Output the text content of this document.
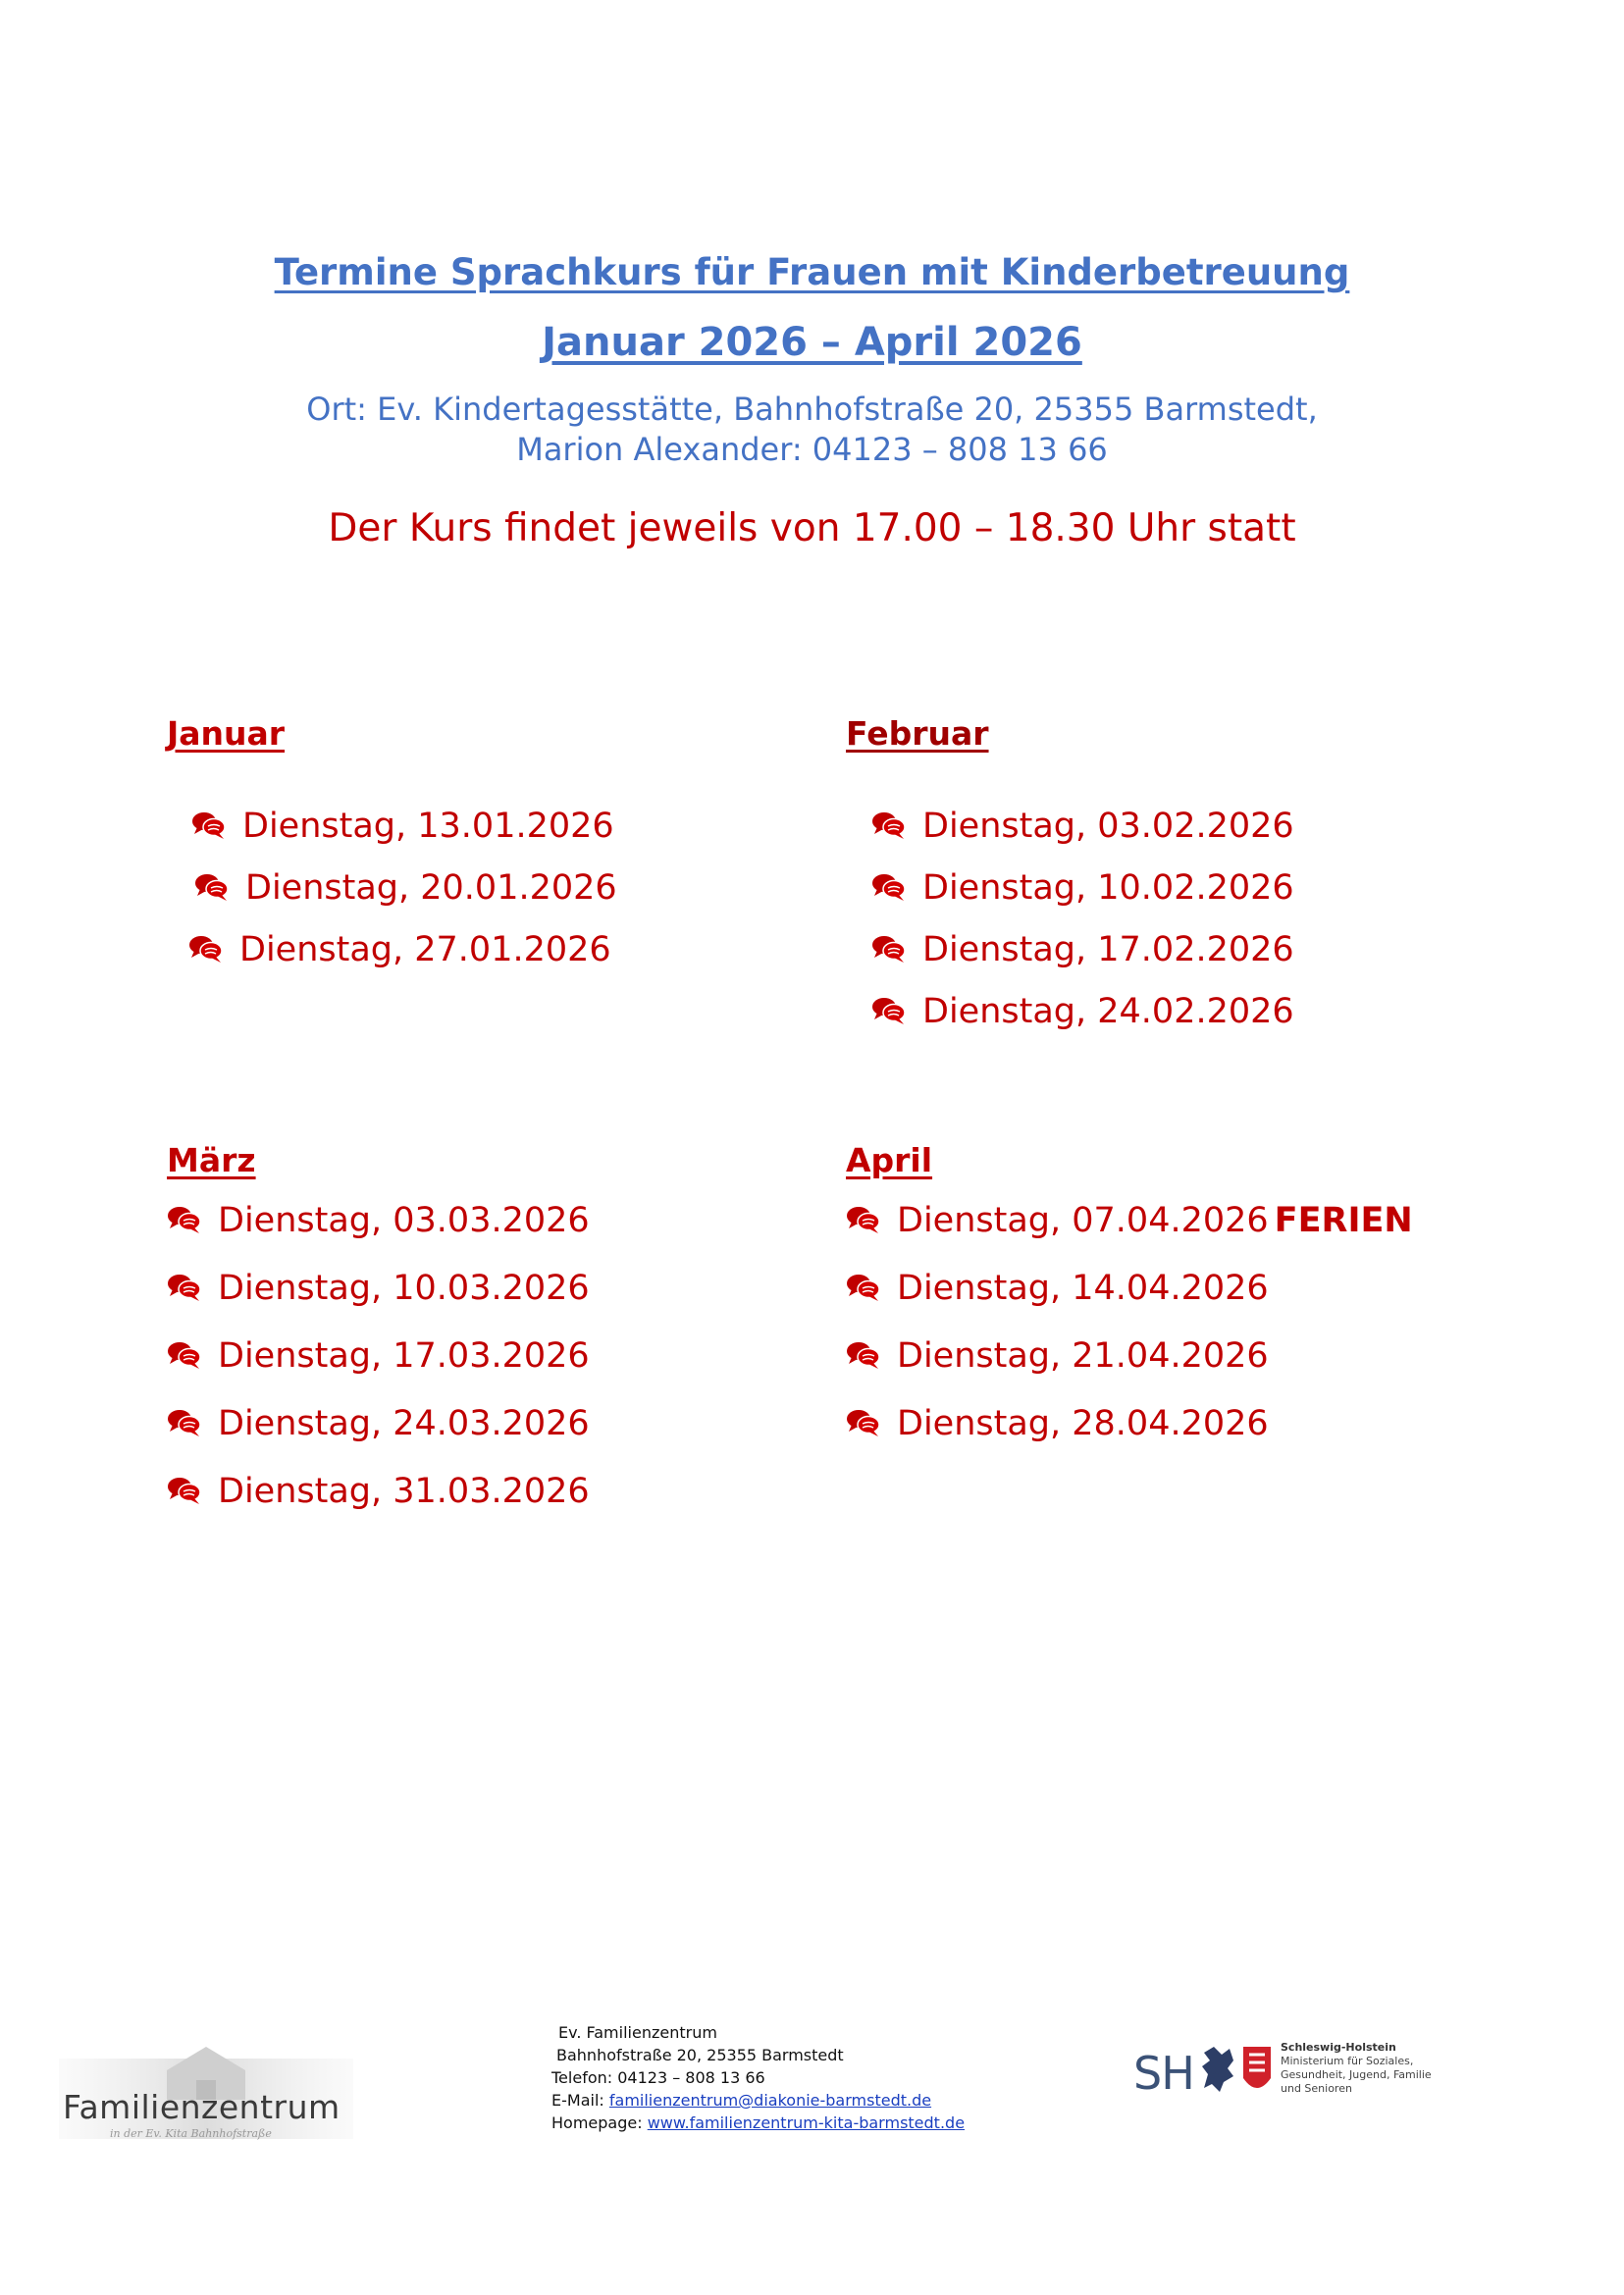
Termine Sprachkurs für Frauen mit Kinderbetreuung
Januar 2026 – April 2026
Ort: Ev. Kindertagesstätte, Bahnhofstraße 20, 25355 Barmstedt,
Marion Alexander: 04123 – 808 13 66
Der Kurs findet jeweils von 17.00 – 18.30 Uhr statt
Januar
Dienstag, 13.01.2026
Dienstag, 20.01.2026
Dienstag, 27.01.2026
Februar
Dienstag, 03.02.2026
Dienstag, 10.02.2026
Dienstag, 17.02.2026
Dienstag, 24.02.2026
März
Dienstag, 03.03.2026
Dienstag, 10.03.2026
Dienstag, 17.03.2026
Dienstag, 24.03.2026
Dienstag, 31.03.2026
April
Dienstag, 07.04.2026 FERIEN
Dienstag, 14.04.2026
Dienstag, 21.04.2026
Dienstag, 28.04.2026
Familienzentrum
in der Ev. Kita Bahnhofstraße
Ev. Familienzentrum
Bahnhofstraße 20, 25355 Barmstedt
Telefon: 04123 – 808 13 66
E-Mail: familienzentrum@diakonie-barmstedt.de
Homepage: www.familienzentrum-kita-barmstedt.de
SH	Schleswig-Holstein
Ministerium für Soziales, Gesundheit, Jugend, Familie und Senioren
